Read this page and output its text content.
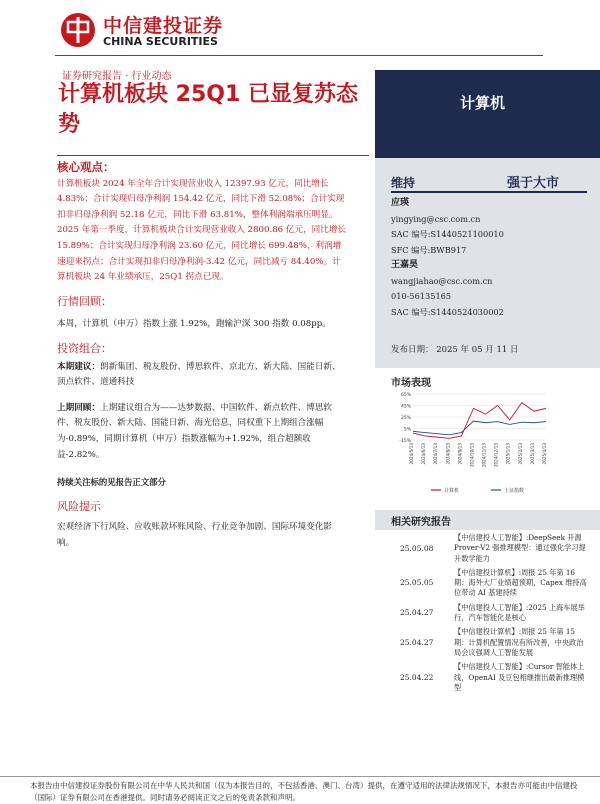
中信建投证券
CHINA SECURITIES
证券研究报告 · 行业动态
计算机板块 25Q1 已显复苏态势
计算机

核心观点：

计算机板块 2024 年全年合计实现营业收入 12397.93 亿元，同比增长 4.83%；合计实现归母净利润 154.42 亿元，同比下滑 52.08%；合计实现扣非归母净利润 52.18 亿元，同比下滑 63.81%，整体利润端承压明显。2025 年第一季度，计算机板块合计实现营业收入 2800.86 亿元，同比增长 15.89%；合计实现归母净利润 23.60 亿元，同比增长 699.48%，利润增速迎来拐点；合计实现扣非归母净利润-3.42 亿元，同比减亏 84.40%。计算机板块 24 年业绩承压，25Q1 拐点已现。

行情回顾：

本周，计算机（申万）指数上涨 1.92%，跑输沪深 300 指数 0.08pp。

投资组合：

本期建议：朗新集团、税友股份、博思软件、京北方、新大陆、国能日新、顶点软件、道通科技

上期回顾：上期建议组合为——达梦数据、中国软件、新点软件、博思软件、税友股份、新大陆、国能日新、海光信息，同权重下上期组合涨幅为-0.89%，同期计算机（申万）指数涨幅为+1.92%，组合超额收益-2.82%。

持续关注标的见报告正文部分

风险提示

宏观经济下行风险、应收账款坏账风险、行业竞争加剧、国际环境变化影响。

维持	强于大市
应瑛
yingying@csc.com.cn
SAC 编号:S1440521100010
SFC 编号:BWB917
王嘉昊
wangjiahao@csc.com.cn
010-56135165
SAC 编号:S1440524030002
发布日期： 2025 年 05 月 11 日
市场表现
65%
45%
25%
5%
-15%
2024/5/13 2024/6/13 2024/7/13 2024/8/13 2024/9/13 2024/10/13 2024/11/13 2024/12/13 2025/1/13 2025/2/13 2025/3/13 2025/4/13
计算机	上证指数
相关研究报告
25.05.08
【中信建投人工智能】:DeepSeek 开源 Prover-V2 强推理模型：通过强化学习提升数学能力
25.05.05
【中信建投计算机】:周报 25 年第 16 期：海外大厂业绩超预期，Capex 维持高位带动 AI 基建持续
25.04.27
【中信建投人工智能】:2025 上海车展举行，汽车智能化是核心
25.04.27
【中信建投计算机】:周报 25 年第 15 期：计算机配置情况有所改善，中央政治局会议强调人工智能发展
25.04.22
【中信建投人工智能】:Cursor 智能体上线，OpenAI 及豆包相继推出最新推理模型
本报告由中信建投证券股份有限公司在中华人民共和国（仅为本报告目的，不包括香港、澳门、台湾）提供，在遵守适用的法律法规情况下，本报告亦可能由中信建投（国际）证券有限公司在香港提供。同时请务必阅读正文之后的免责条款和声明。
